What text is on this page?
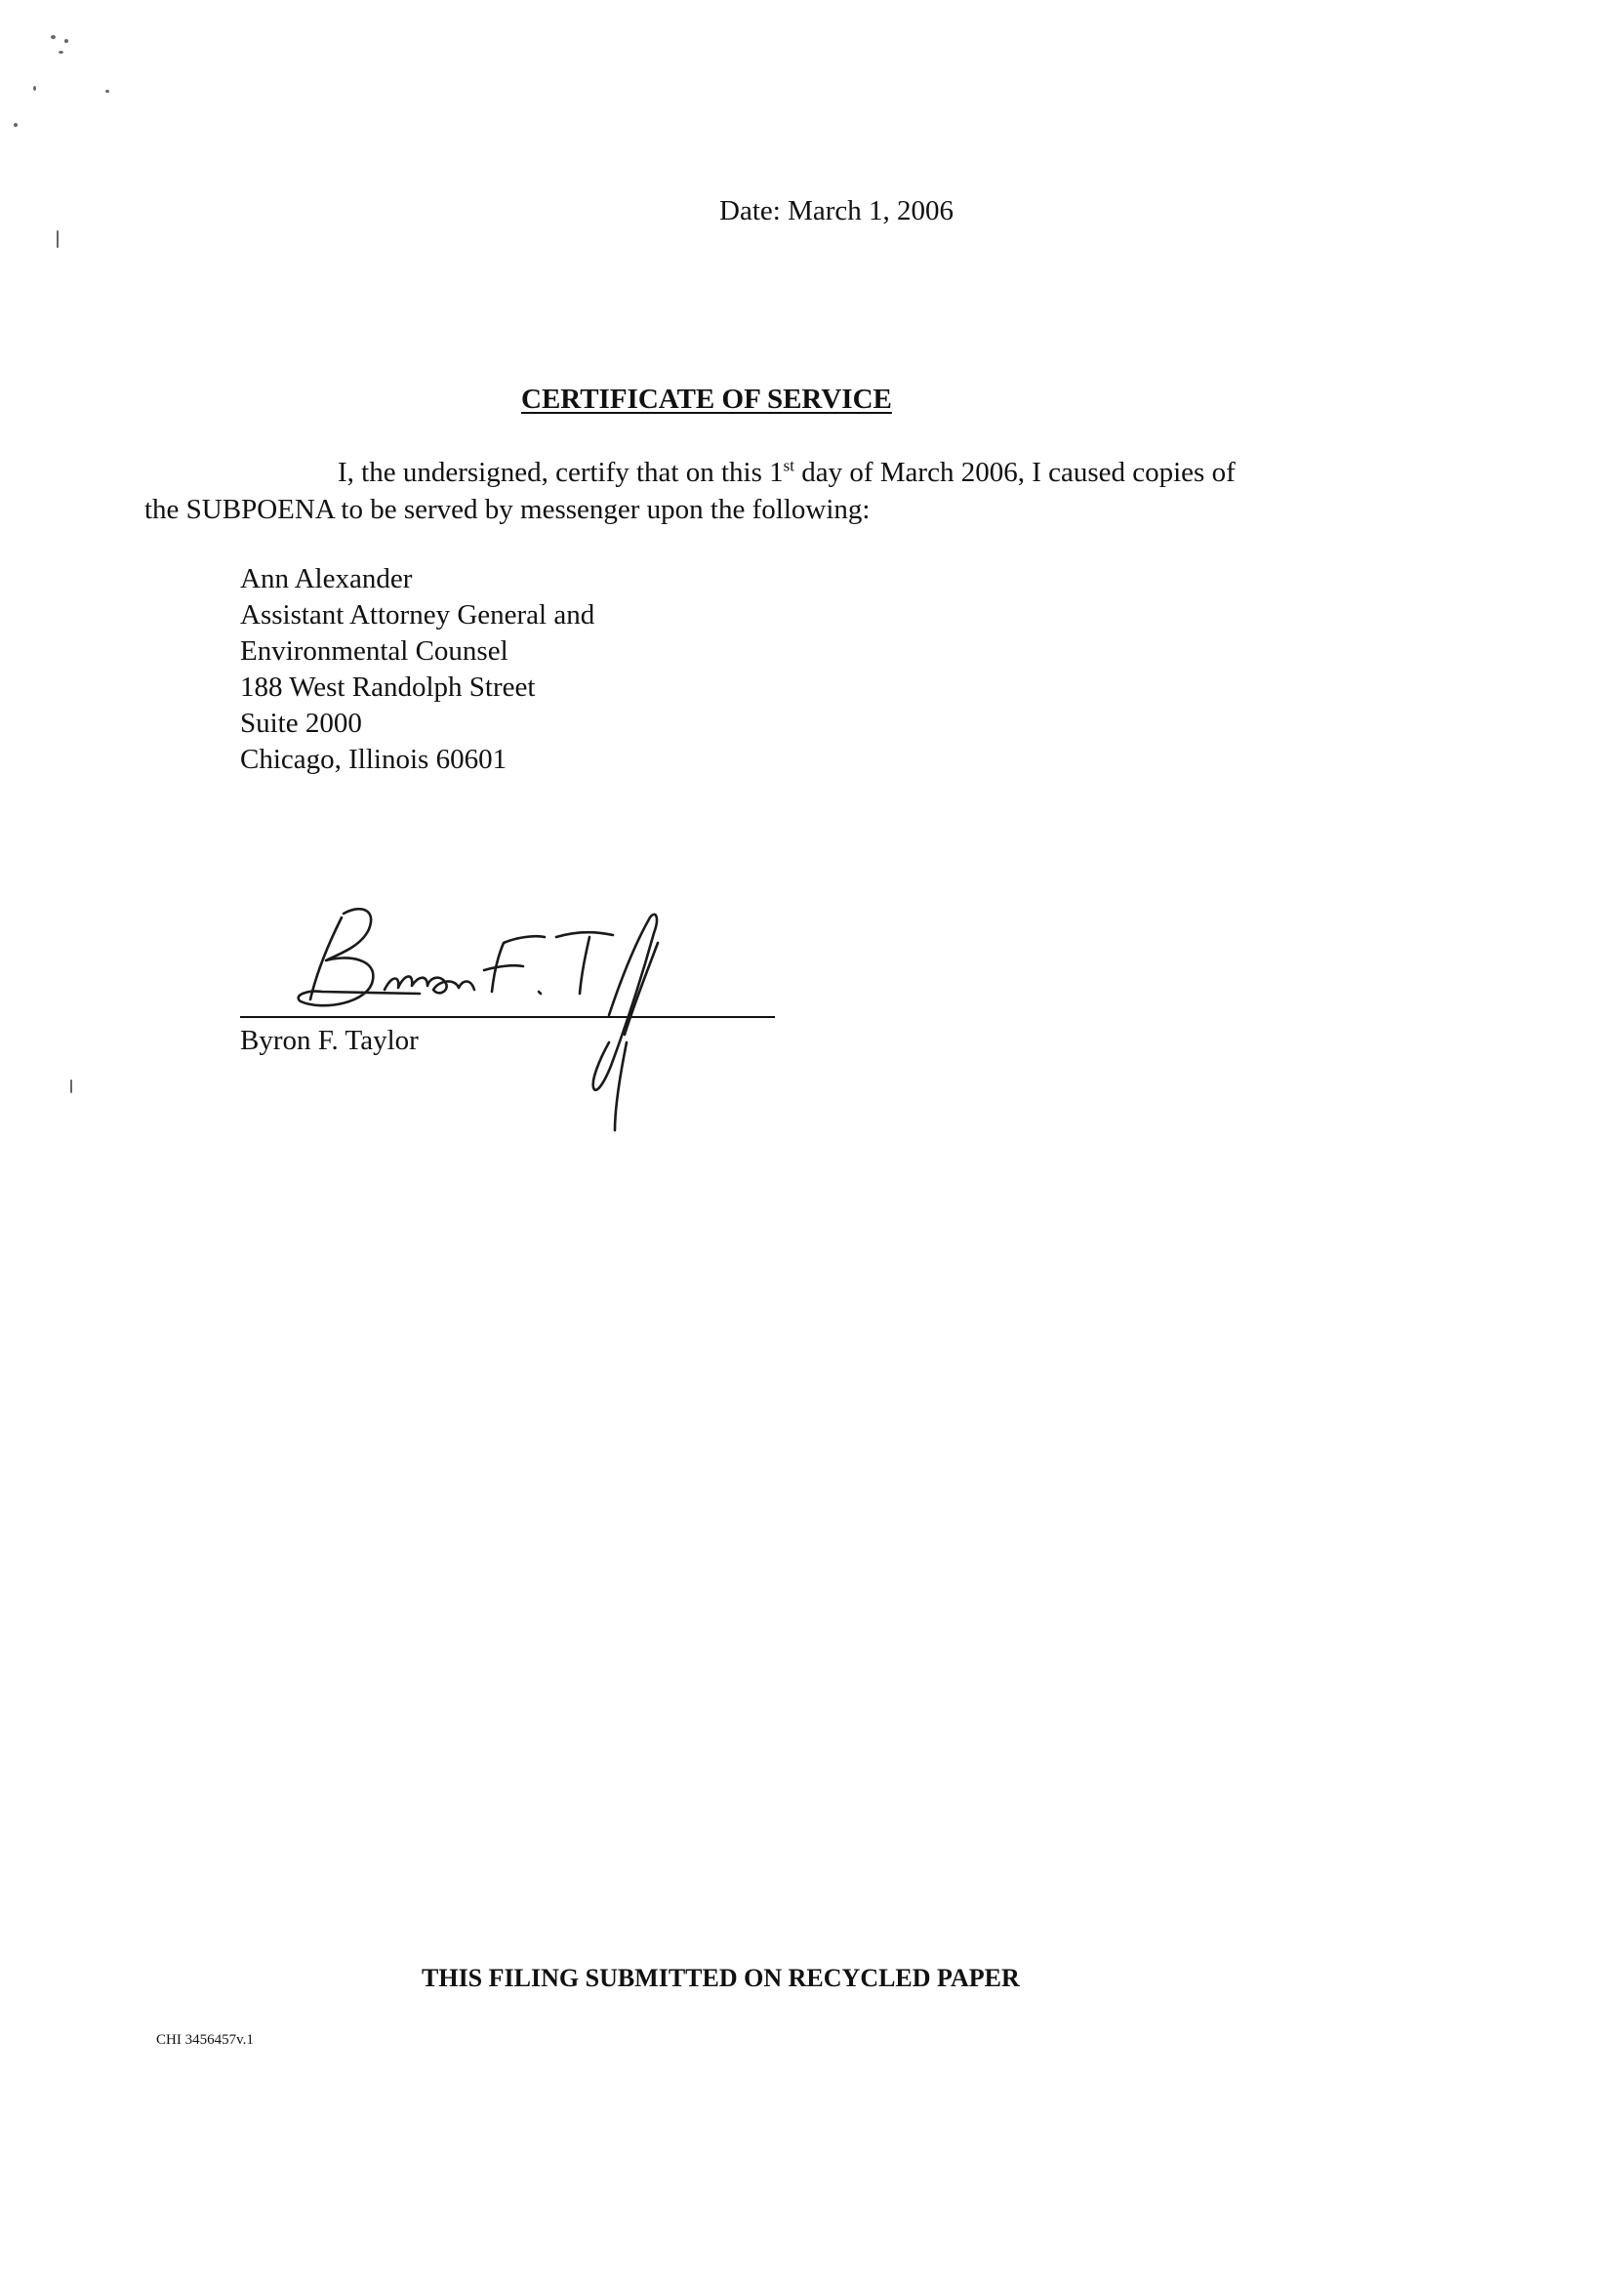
Date: March 1, 2006
CERTIFICATE OF SERVICE
I, the undersigned, certify that on this 1st day of March 2006, I caused copies of
the SUBPOENA to be served by messenger upon the following:
Ann Alexander
Assistant Attorney General and
Environmental Counsel
188 West Randolph Street
Suite 2000
Chicago, Illinois 60601
Byron F. Taylor
THIS FILING SUBMITTED ON RECYCLED PAPER
CHI 3456457v.1
